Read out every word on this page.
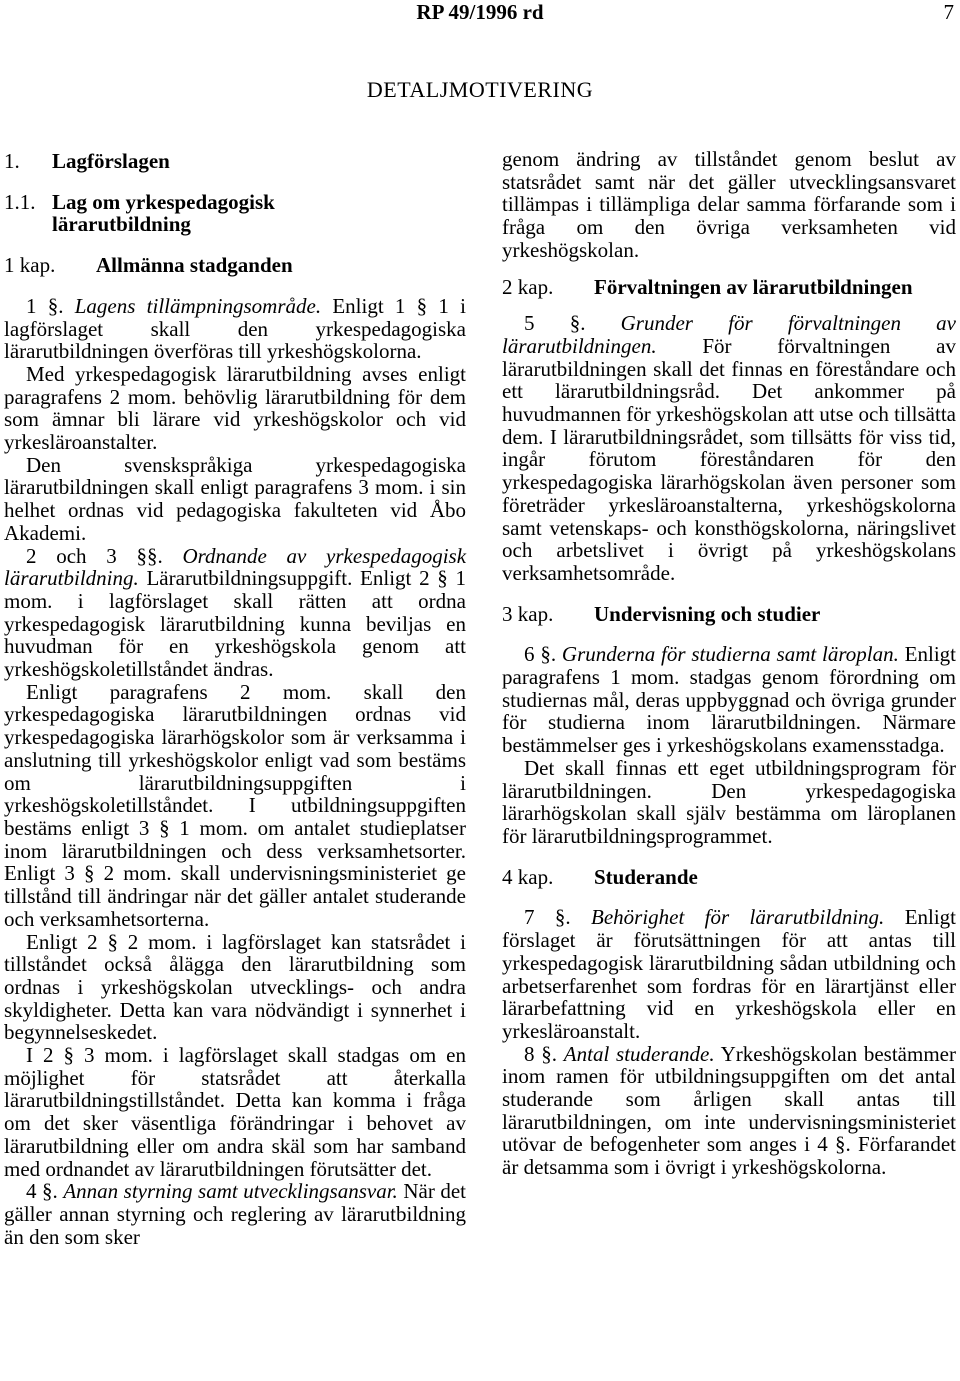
RP 49/1996 rd	7
DETALJMOTIVERING
1. Lagförslagen
1.1. Lag om yrkespedagogisk lärarutbildning
1 kap. Allmänna stadganden

1 §. Lagens tillämpningsområde. Enligt 1 § 1 i lagförslaget skall den yrkespedagogiska lärarutbildningen överföras till yrkeshögskolorna.

Med yrkespedagogisk lärarutbildning avses enligt paragrafens 2 mom. behövlig lärarutbildning för dem som ämnar bli lärare vid yrkeshögskolor och vid yrkesläroanstalter.

Den svenskspråkiga yrkespedagogiska lärarutbildningen skall enligt paragrafens 3 mom. i sin helhet ordnas vid pedagogiska fakulteten vid Åbo Akademi.

2 och 3 §§. Ordnande av yrkespedagogisk lärarutbildning. Lärarutbildningsuppgift. Enligt 2 § 1 mom. i lagförslaget skall rätten att ordna yrkespedagogisk lärarutbildning kunna beviljas en huvudman för en yrkeshögskola genom att yrkeshögskoletillståndet ändras.

Enligt paragrafens 2 mom. skall den yrkespedagogiska lärarutbildningen ordnas vid yrkespedagogiska lärarhögskolor som är verksamma i anslutning till yrkeshögskolor enligt vad som bestäms om lärarutbildningsuppgiften i yrkeshögskoletillståndet. I utbildningsuppgiften bestäms enligt 3 § 1 mom. om antalet studieplatser inom lärarutbildningen och dess verksamhetsorter. Enligt 3 § 2 mom. skall undervisningsministeriet ge tillstånd till ändringar när det gäller antalet studerande och verksamhetsorterna.

Enligt 2 § 2 mom. i lagförslaget kan statsrådet i tillståndet också ålägga den lärarutbildning som ordnas i yrkeshögskolan utvecklings- och andra skyldigheter. Detta kan vara nödvändigt i synnerhet i begynnelseskedet.

I 2 § 3 mom. i lagförslaget skall stadgas om en möjlighet för statsrådet att återkalla lärarutbildningstillståndet. Detta kan komma i fråga om det sker väsentliga förändringar i behovet av lärarutbildning eller om andra skäl som har samband med ordnandet av lärarutbildningen förutsätter det.

4 §. Annan styrning samt utvecklingsansvar. När det gäller annan styrning och reglering av lärarutbildning än den som sker

genom ändring av tillståndet genom beslut av statsrådet samt när det gäller utvecklingsansvaret tillämpas i tillämpliga delar samma förfarande som i fråga om den övriga verksamheten vid yrkeshögskolan.

2 kap. Förvaltningen av lärarutbildningen

5 §. Grunder för förvaltningen av lärarutbildningen. För förvaltningen av lärarutbildningen skall det finnas en föreståndare och ett lärarutbildningsråd. Det ankommer på huvudmannen för yrkeshögskolan att utse och tillsätta dem. I lärarutbildningsrådet, som tillsätts för viss tid, ingår förutom föreståndaren för den yrkespedagogiska lärarhögskolan även personer som företräder yrkesläroanstalterna, yrkeshögskolorna samt vetenskaps- och konsthögskolorna, näringslivet och arbetslivet i övrigt på yrkeshögskolans verksamhetsområde.

3 kap. Undervisning och studier

6 §. Grunderna för studierna samt läroplan. Enligt paragrafens 1 mom. stadgas genom förordning om studiernas mål, deras uppbyggnad och övriga grunder för studierna inom lärarutbildningen. Närmare bestämmelser ges i yrkeshögskolans examensstadga.

Det skall finnas ett eget utbildningsprogram för lärarutbildningen. Den yrkespedagogiska lärarhögskolan skall själv bestämma om läroplanen för lärarutbildningsprogrammet.

4 kap. Studerande

7 §. Behörighet för lärarutbildning. Enligt förslaget är förutsättningen för att antas till yrkespedagogisk lärarutbildning sådan utbildning och arbetserfarenhet som fordras för en lärartjänst eller lärarbefattning vid en yrkeshögskola eller en yrkesläroanstalt.

8 §. Antal studerande. Yrkeshögskolan bestämmer inom ramen för utbildningsuppgiften om det antal studerande som årligen skall antas till lärarutbildningen, om inte undervisningsministeriet utövar de befogenheter som anges i 4 §. Förfarandet är detsamma som i övrigt i yrkeshögskolorna.
